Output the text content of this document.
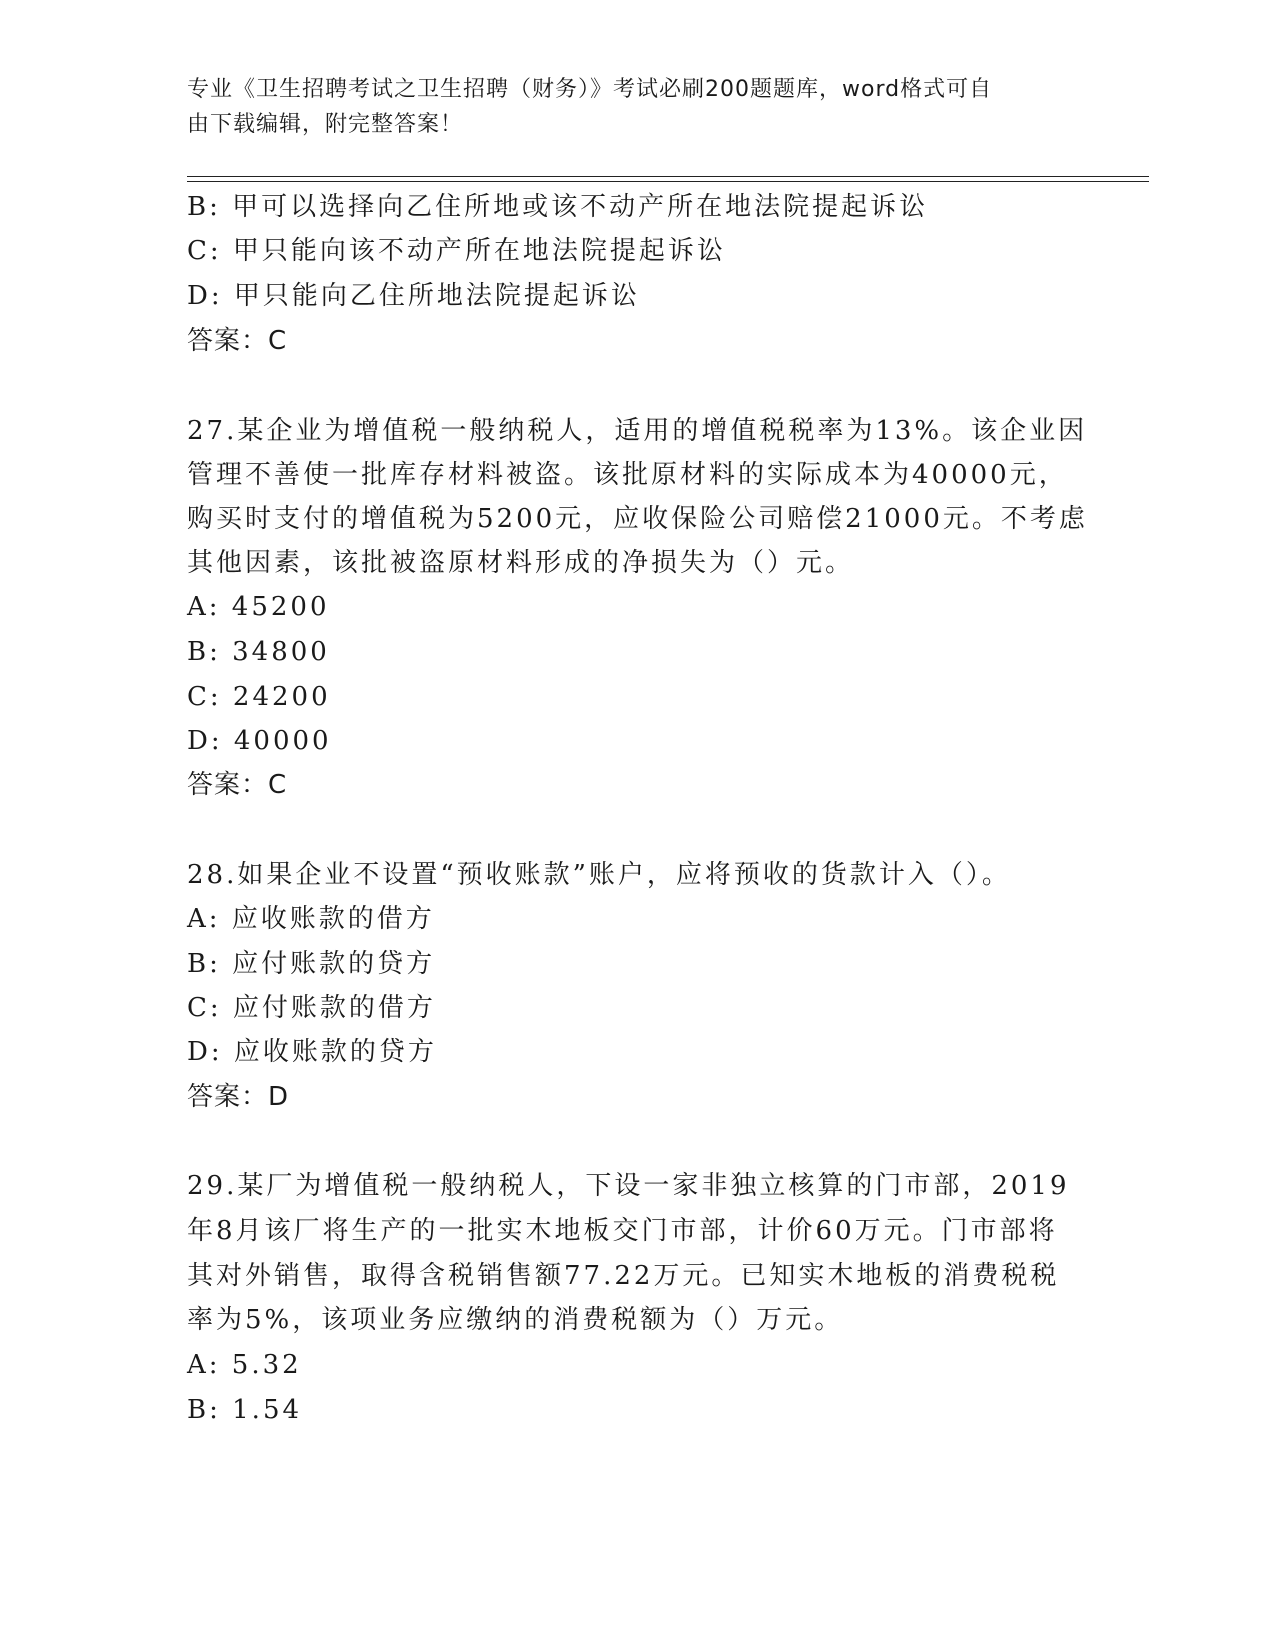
专业《卫生招聘考试之卫生招聘（财务）》考试必刷200题题库，word格式可自
由下载编辑，附完整答案！
B: 甲可以选择向乙住所地或该不动产所在地法院提起诉讼
C: 甲只能向该不动产所在地法院提起诉讼
D: 甲只能向乙住所地法院提起诉讼
答案：C
27.某企业为增值税一般纳税人，适用的增值税税率为13%。该企业因
管理不善使一批库存材料被盗。该批原材料的实际成本为40000元，
购买时支付的增值税为5200元，应收保险公司赔偿21000元。不考虑
其他因素，该批被盗原材料形成的净损失为（）元。
A: 45200
B: 34800
C: 24200
D: 40000
答案：C
28.如果企业不设置“预收账款”账户，应将预收的货款计入（）。
A: 应收账款的借方
B: 应付账款的贷方
C: 应付账款的借方
D: 应收账款的贷方
答案：D
29.某厂为增值税一般纳税人，下设一家非独立核算的门市部，2019
年8月该厂将生产的一批实木地板交门市部，计价60万元。门市部将
其对外销售，取得含税销售额77.22万元。已知实木地板的消费税税
率为5%，该项业务应缴纳的消费税额为（）万元。
A: 5.32
B: 1.54
